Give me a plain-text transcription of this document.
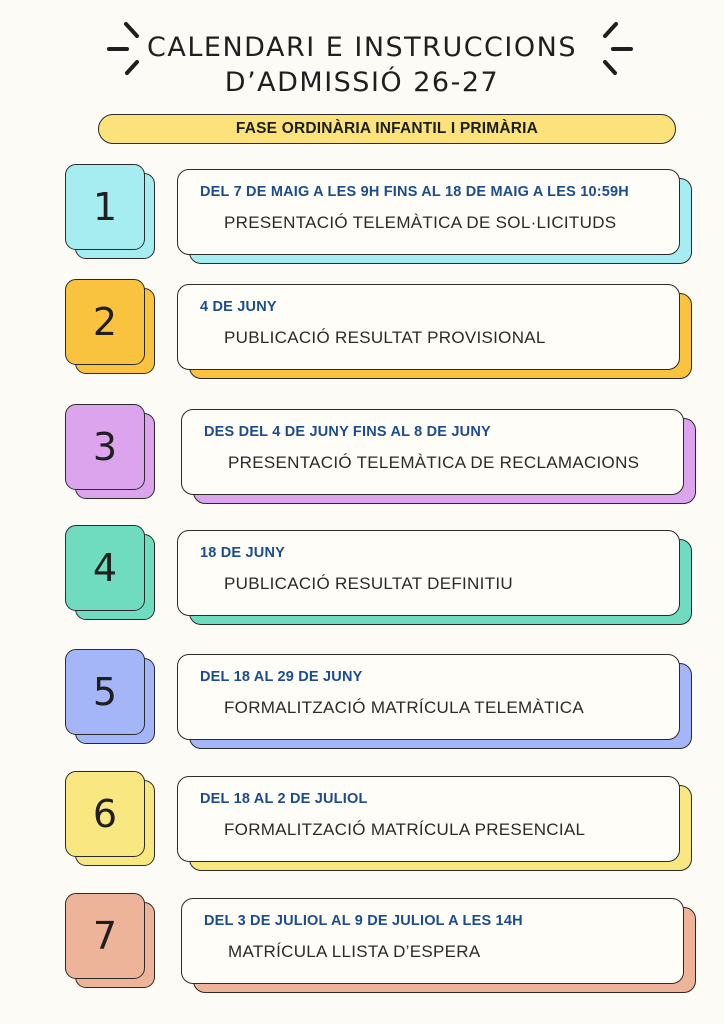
CALENDARI E INSTRUCCIONS
D’ADMISSIÓ 26-27
FASE ORDINÀRIA INFANTIL I PRIMÀRIA
1	DEL 7 DE MAIG A LES 9H FINS AL 18 DE MAIG A LES 10:59H
PRESENTACIÓ TELEMÀTICA DE SOL·LICITUDS
2	4 DE JUNY
PUBLICACIÓ RESULTAT PROVISIONAL
3	DES DEL 4 DE JUNY FINS AL 8 DE JUNY
PRESENTACIÓ TELEMÀTICA DE RECLAMACIONS
4	18 DE JUNY
PUBLICACIÓ RESULTAT DEFINITIU
5	DEL 18 AL 29 DE JUNY
FORMALITZACIÓ MATRÍCULA TELEMÀTICA
6	DEL 18 AL 2 DE JULIOL
FORMALITZACIÓ MATRÍCULA PRESENCIAL
7	DEL 3 DE JULIOL AL 9 DE JULIOL A LES 14H
MATRÍCULA LLISTA D’ESPERA
